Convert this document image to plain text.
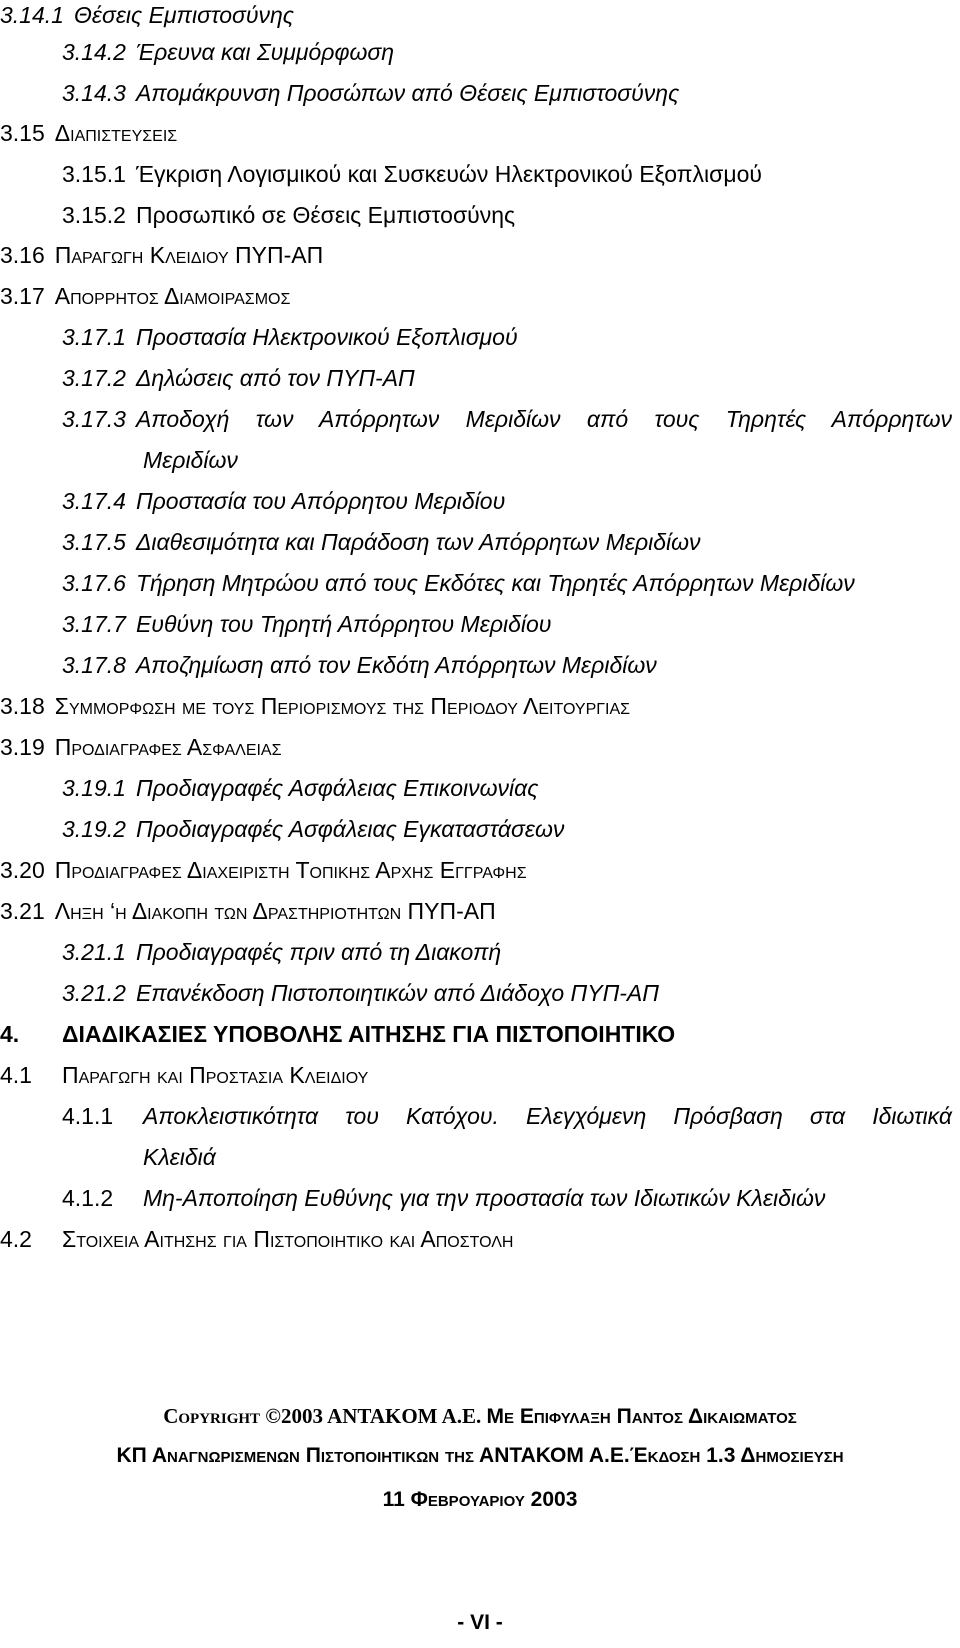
3.14.1 Θέσεις Εμπιστοσύνης
3.14.2 Έρευνα και Συμμόρφωση
3.14.3 Απομάκρυνση Προσώπων από Θέσεις Εμπιστοσύνης
3.15 Διαπιστευσεις
3.15.1 Έγκριση Λογισμικού και Συσκευών Ηλεκτρονικού Εξοπλισμού
3.15.2 Προσωπικό σε Θέσεις Εμπιστοσύνης
3.16 Παραγωγη Κλειδιου ΠΥΠ-ΑΠ
3.17 Απορρητος Διαμοιρασμος
3.17.1 Προστασία Ηλεκτρονικού Εξοπλισμού
3.17.2 Δηλώσεις από τον ΠΥΠ-ΑΠ
3.17.3 Αποδοχή των Απόρρητων Μεριδίων από τους Τηρητές Απόρρητων
Μεριδίων
3.17.4 Προστασία του Απόρρητου Μεριδίου
3.17.5 Διαθεσιμότητα και Παράδοση των Απόρρητων Μεριδίων
3.17.6 Τήρηση Μητρώου από τους Εκδότες και Τηρητές Απόρρητων Μεριδίων
3.17.7 Ευθύνη του Τηρητή Απόρρητου Μεριδίου
3.17.8 Αποζημίωση από τον Εκδότη Απόρρητων Μεριδίων
3.18 Συμμορφωση με τους Περιορισμους της Περιοδου Λειτουργιας
3.19 Προδιαγραφες Ασφαλειας
3.19.1 Προδιαγραφές Ασφάλειας Επικοινωνίας
3.19.2 Προδιαγραφές Ασφάλειας Εγκαταστάσεων
3.20 Προδιαγραφες Διαχειριστη Τοπικης Αρχης Εγγραφης
3.21 Ληξη ‘η Διακοπη των Δραστηριοτητων ΠΥΠ-ΑΠ
3.21.1 Προδιαγραφές πριν από τη Διακοπή
3.21.2 Επανέκδοση Πιστοποιητικών από Διάδοχο ΠΥΠ-ΑΠ
4. ΔΙΑΔΙΚΑΣΙΕΣ ΥΠΟΒΟΛΗΣ ΑΙΤΗΣΗΣ ΓΙΑ ΠΙΣΤΟΠΟΙΗΤΙΚΟ
4.1 Παραγωγη και Προστασια Κλειδιου
4.1.1 Αποκλειστικότητα του Κατόχου. Ελεγχόμενη Πρόσβαση στα Ιδιωτικά
Κλειδιά
4.1.2 Μη-Αποποίηση Ευθύνης για την προστασία των Ιδιωτικών Κλειδιών
4.2 Στοιχεια Αιτησης για Πιστοποιητικο και Αποστολη
Copyright ©2003 ANTAKOM A.E. Με Επιφυλαξη Παντος Δικαιωματος
ΚΠ Αναγνωρισμενων Πιστοποιητικων της ΑΝΤΑΚΟΜ Α.Ε.Έκδοση 1.3 Δημοσιευση
11 Φεβρουαριου 2003
- VI -
